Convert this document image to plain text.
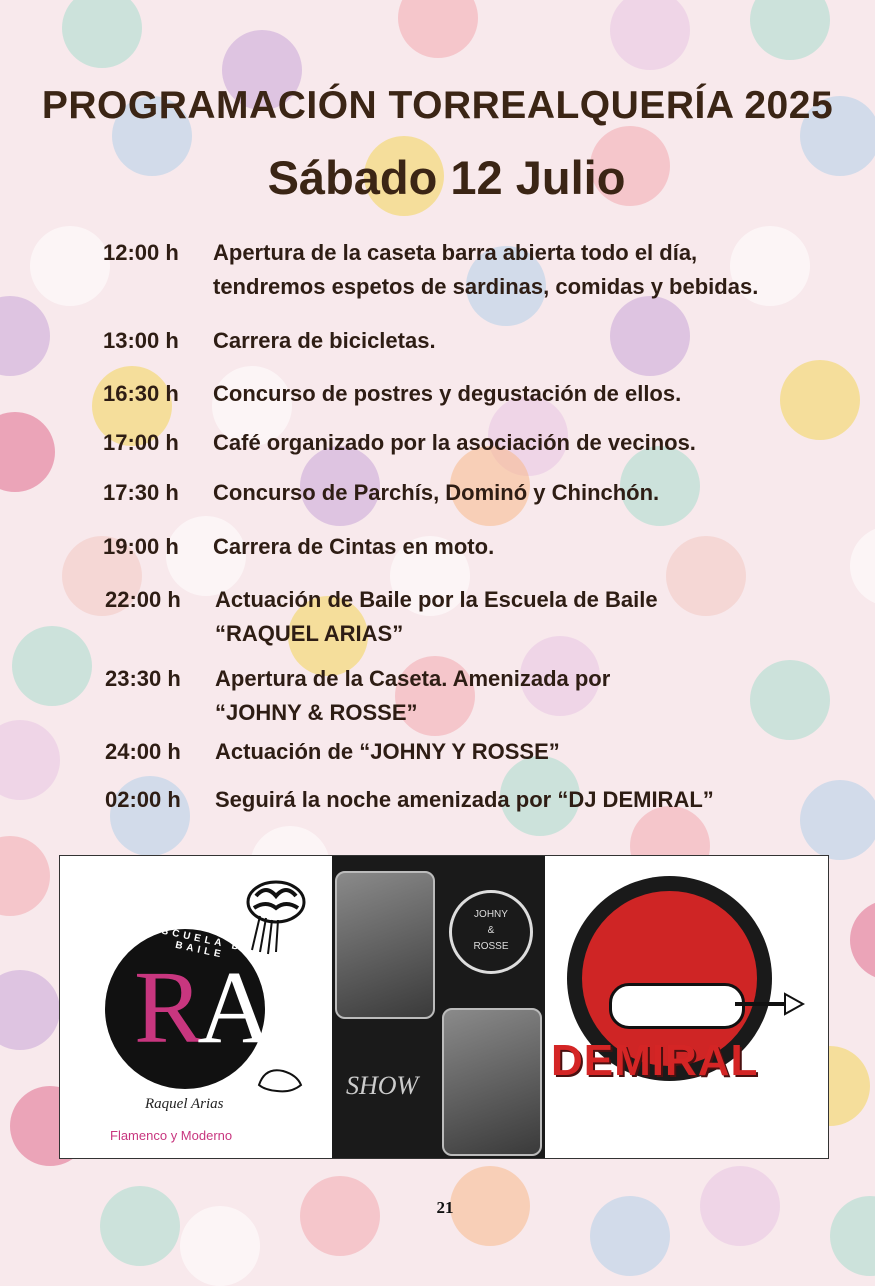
PROGRAMACIÓN TORREALQUERÍA 2025
Sábado 12 Julio
12:00 h Apertura de la caseta barra abierta todo el día,
tendremos espetos de sardinas, comidas y bebidas.
13:00 h Carrera de bicicletas.
16:30 h Concurso de postres y degustación de ellos.
17:00 h Café organizado por la asociación de vecinos.
17:30 h Concurso de Parchís, Dominó y Chinchón.
19:00 h Carrera de Cintas en moto.
22:00 h Actuación de Baile por la Escuela de Baile
“RAQUEL ARIAS”
23:30 h Apertura de la Caseta. Amenizada por
“JOHNY & ROSSE”
24:00 h Actuación de “JOHNY Y ROSSE”
02:00 h Seguirá la noche amenizada por “DJ DEMIRAL”
ESCUELA DE BAILE
RA
Raquel Arias
Flamenco y Moderno
JOHNY
&
ROSSE
SHOW
DEMIRAL
21
